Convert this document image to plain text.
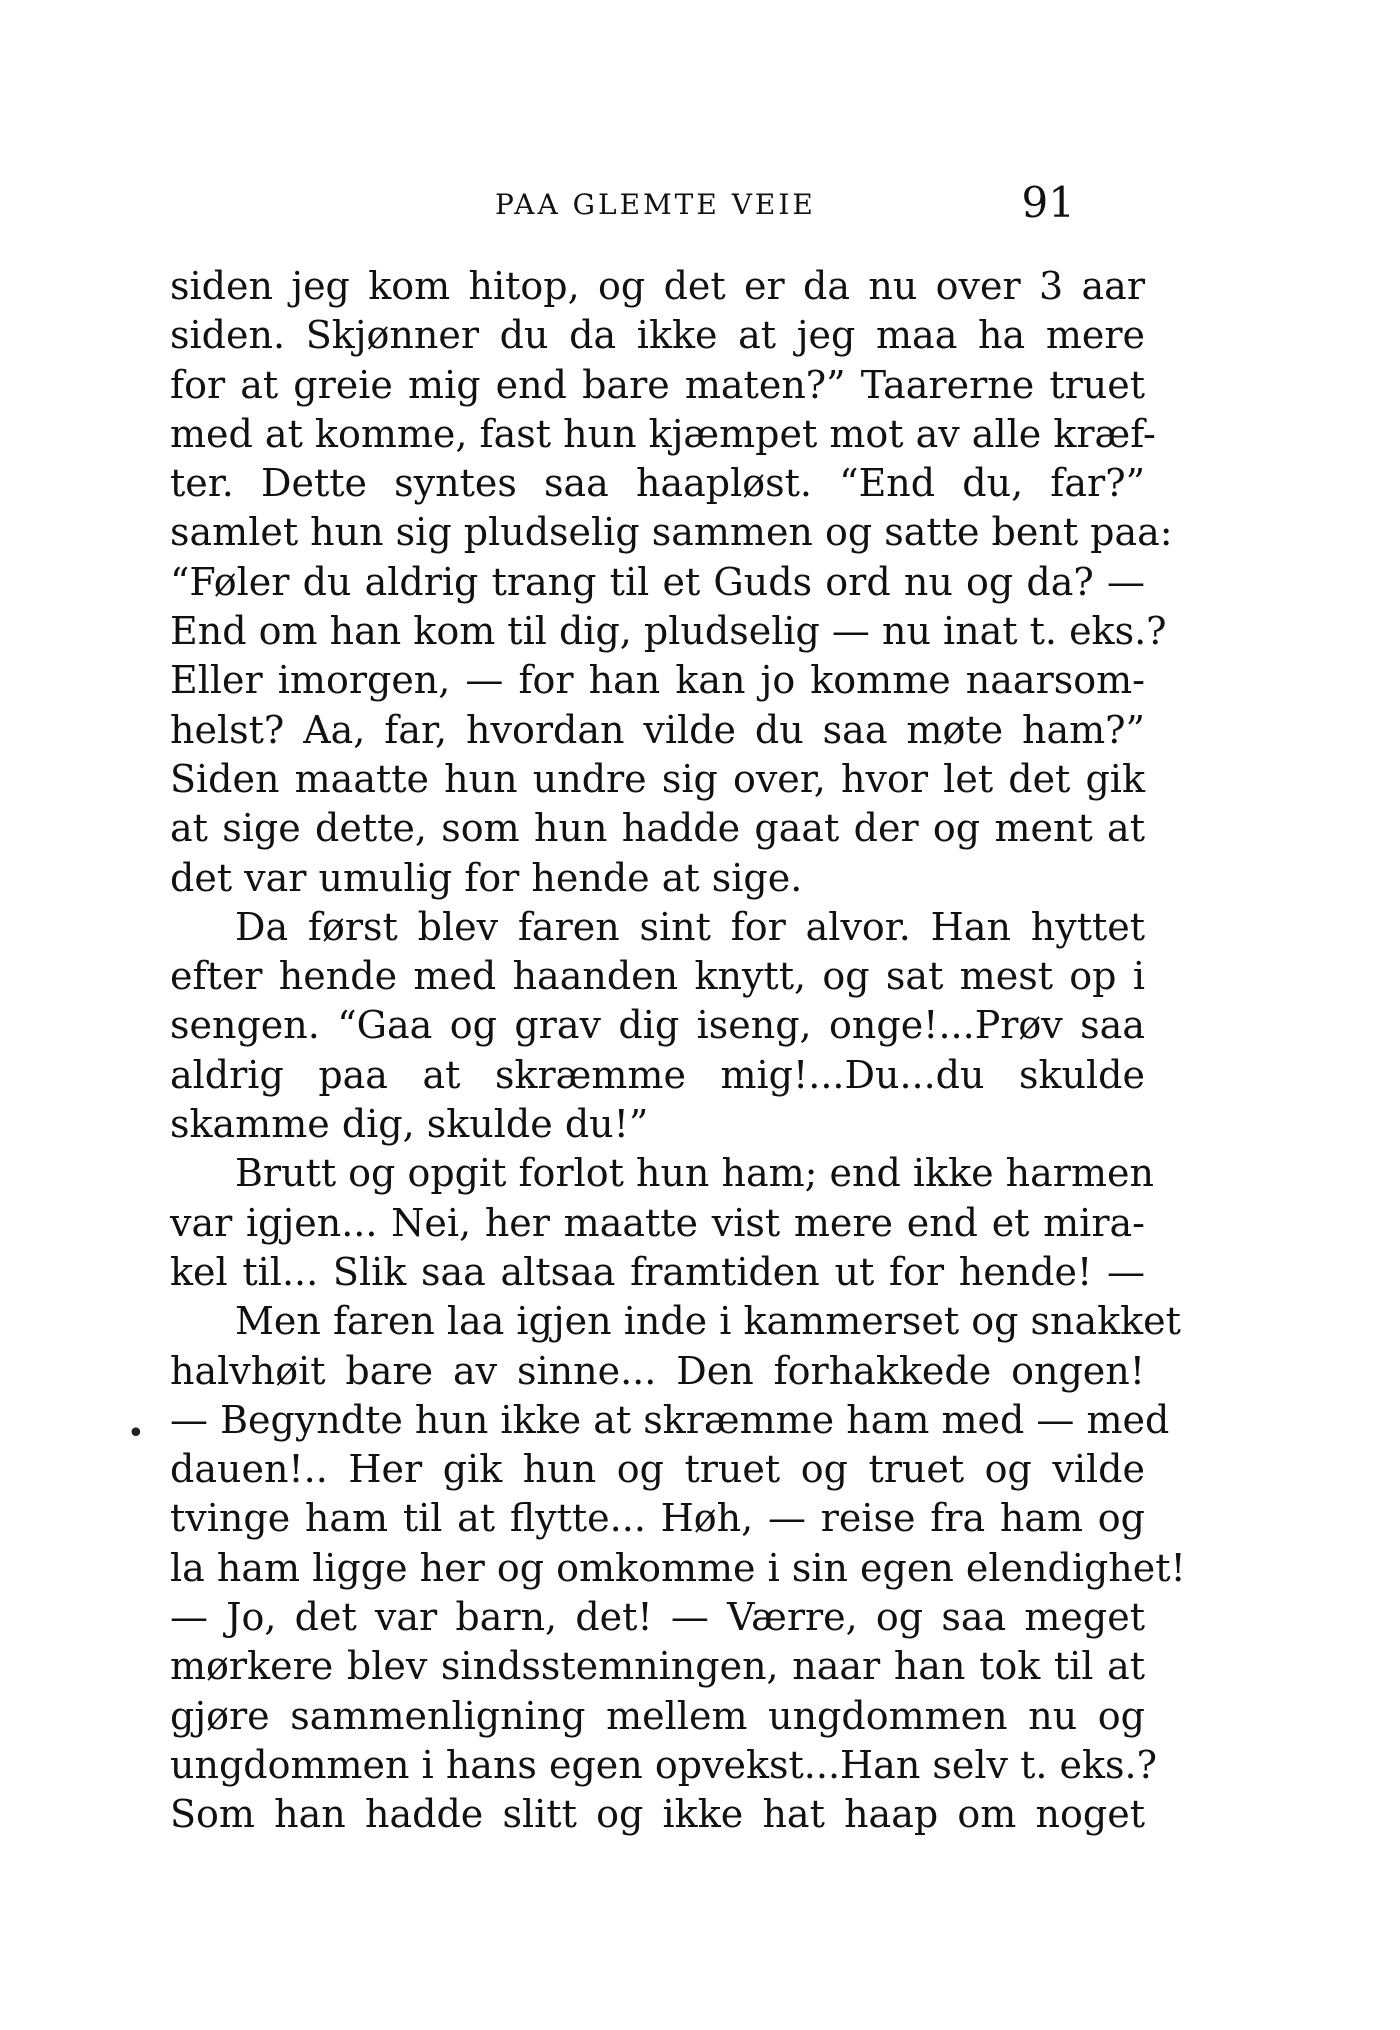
PAA GLEMTE VEIE	91
•
siden jeg kom hitop, og det er da nu over 3 aar
siden. Skjønner du da ikke at jeg maa ha mere
for at greie mig end bare maten?” Taarerne truet
med at komme, fast hun kjæmpet mot av alle kræf-
ter. Dette syntes saa haapløst. “End du, far?”
samlet hun sig pludselig sammen og satte bent paa:
“Føler du aldrig trang til et Guds ord nu og da? —
End om han kom til dig, pludselig — nu inat t. eks.?
Eller imorgen, — for han kan jo komme naarsom-
helst? Aa, far, hvordan vilde du saa møte ham?”
Siden maatte hun undre sig over, hvor let det gik
at sige dette, som hun hadde gaat der og ment at
det var umulig for hende at sige.
Da først blev faren sint for alvor. Han hyttet
efter hende med haanden knytt, og sat mest op i
sengen. “Gaa og grav dig iseng, onge!...Prøv saa
aldrig paa at skræmme mig!...Du...du skulde
skamme dig, skulde du!”
Brutt og opgit forlot hun ham; end ikke harmen
var igjen... Nei, her maatte vist mere end et mira-
kel til... Slik saa altsaa framtiden ut for hende! —
Men faren laa igjen inde i kammerset og snakket
halvhøit bare av sinne... Den forhakkede ongen!
— Begyndte hun ikke at skræmme ham med — med
dauen!.. Her gik hun og truet og truet og vilde
tvinge ham til at flytte... Høh, — reise fra ham og
la ham ligge her og omkomme i sin egen elendighet!
— Jo, det var barn, det! — Værre, og saa meget
mørkere blev sindsstemningen, naar han tok til at
gjøre sammenligning mellem ungdommen nu og
ungdommen i hans egen opvekst...Han selv t. eks.?
Som han hadde slitt og ikke hat haap om noget
